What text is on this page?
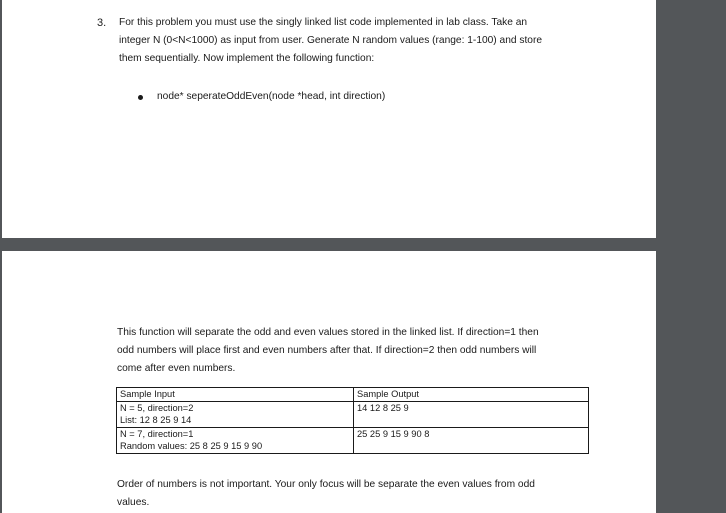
3. For this problem you must use the singly linked list code implemented in lab class. Take an
integer N (0<N<1000) as input from user. Generate N random values (range: 1-100) and store
them sequentially. Now implement the following function:
node* seperateOddEven(node *head, int direction)
This function will separate the odd and even values stored in the linked list. If direction=1 then
odd numbers will place first and even numbers after that. If direction=2 then odd numbers will
come after even numbers.
Sample Input	Sample Output

N = 5, direction=2
List: 12 8 25 9 14	14 12 8 25 9

N = 7, direction=1
Random values: 25 8 25 9 15 9 90	25 25 9 15 9 90 8
Order of numbers is not important. Your only focus will be separate the even values from odd
values.
